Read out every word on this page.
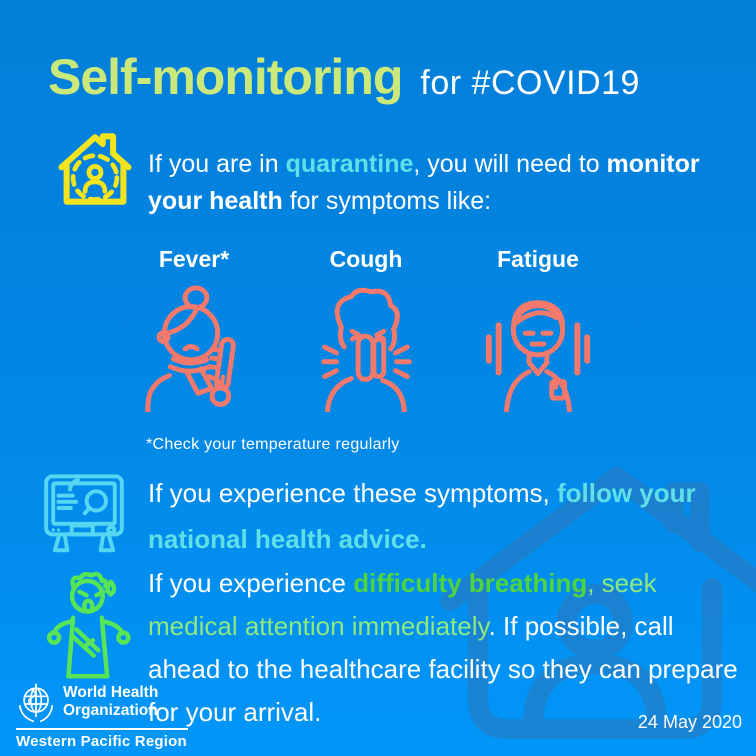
Self-monitoring for #COVID19

If you are in quarantine, you will need to monitor your health for symptoms like:

Fever*	Cough	Fatigue

*Check your temperature regularly

If you experience these symptoms, follow your national health advice.

If you experience difficulty breathing, seek medical attention immediately. If possible, call ahead to the healthcare facility so they can prepare for your arrival.

World Health
Organization
Western Pacific Region
24 May 2020
